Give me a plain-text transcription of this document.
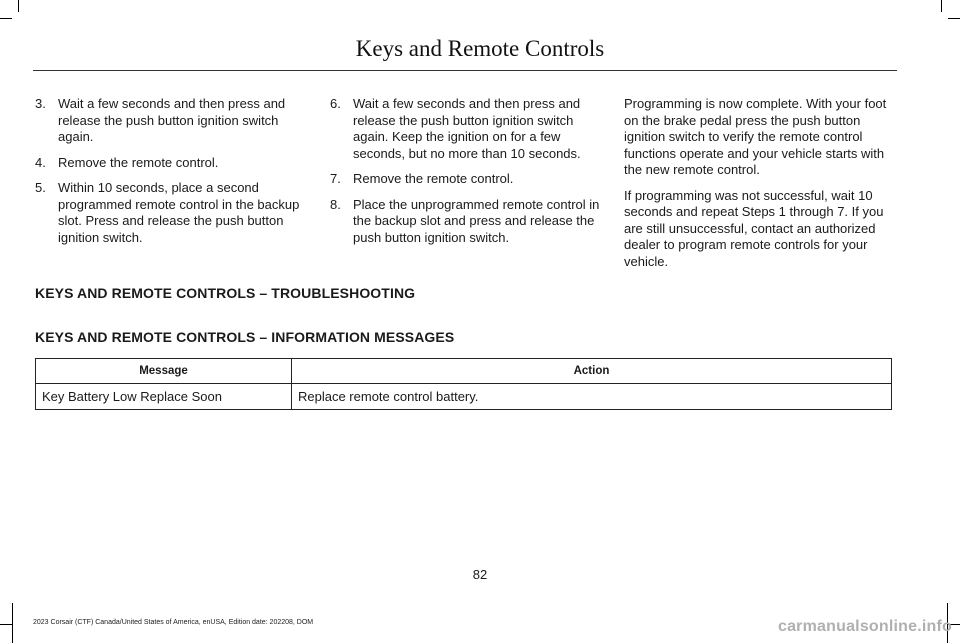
Keys and Remote Controls
3. Wait a few seconds and then press and release the push button ignition switch again.
4. Remove the remote control.
5. Within 10 seconds, place a second programmed remote control in the backup slot. Press and release the push button ignition switch.
6. Wait a few seconds and then press and release the push button ignition switch again. Keep the ignition on for a few seconds, but no more than 10 seconds.
7. Remove the remote control.
8. Place the unprogrammed remote control in the backup slot and press and release the push button ignition switch.

Programming is now complete. With your foot on the brake pedal press the push button ignition switch to verify the remote control functions operate and your vehicle starts with the new remote control.

If programming was not successful, wait 10 seconds and repeat Steps 1 through 7. If you are still unsuccessful, contact an authorized dealer to program remote controls for your vehicle.

KEYS AND REMOTE CONTROLS – TROUBLESHOOTING
KEYS AND REMOTE CONTROLS – INFORMATION MESSAGES
Message	Action
Key Battery Low Replace Soon	Replace remote control battery.
82
2023 Corsair (CTF) Canada/United States of America, enUSA, Edition date: 202208, DOM	carmanualsonline.info
